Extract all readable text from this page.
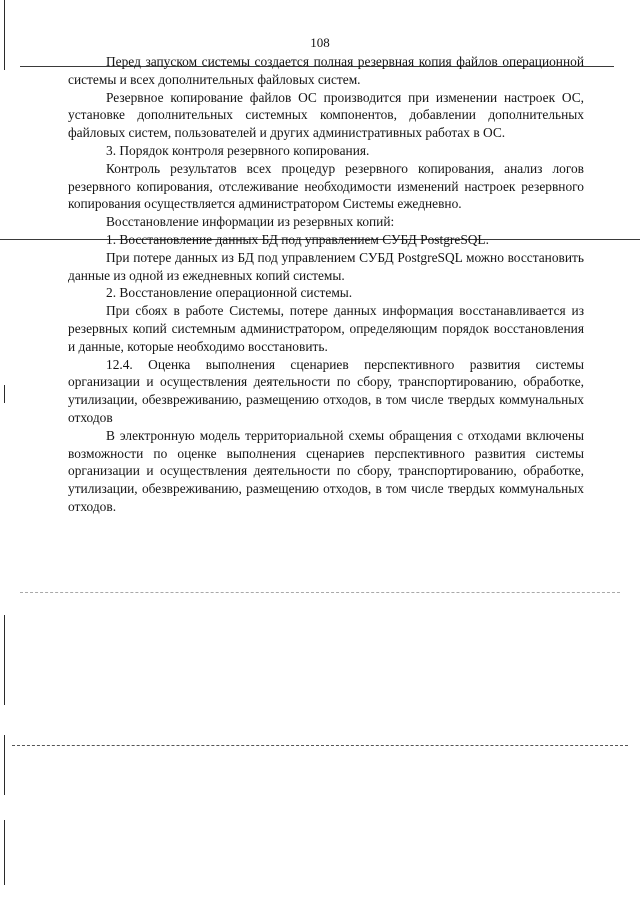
108

Перед запуском системы создается полная резервная копия файлов операционной системы и всех дополнительных файловых систем.

Резервное копирование файлов ОС производится при изменении настроек ОС, установке дополнительных системных компонентов, добавлении дополнительных файловых систем, пользователей и других административных работах в ОС.

3. Порядок контроля резервного копирования.

Контроль результатов всех процедур резервного копирования, анализ логов резервного копирования, отслеживание необходимости изменений настроек резервного копирования осуществляется администратором Системы ежедневно.

Восстановление информации из резервных копий:

1. Восстановление данных БД под управлением СУБД PostgreSQL.

При потере данных из БД под управлением СУБД PostgreSQL можно восстановить данные из одной из ежедневных копий системы.

2. Восстановление операционной системы.

При сбоях в работе Системы, потере данных информация восстанавливается из резервных копий системным администратором, определяющим порядок восстановления и данные, которые необходимо восстановить.

12.4. Оценка выполнения сценариев перспективного развития системы организации и осуществления деятельности по сбору, транспортированию, обработке, утилизации, обезвреживанию, размещению отходов, в том числе твердых коммунальных отходов

В электронную модель территориальной схемы обращения с отходами включены возможности по оценке выполнения сценариев перспективного развития системы организации и осуществления деятельности по сбору, транспортированию, обработке, утилизации, обезвреживанию, размещению отходов, в том числе твердых коммунальных отходов.
